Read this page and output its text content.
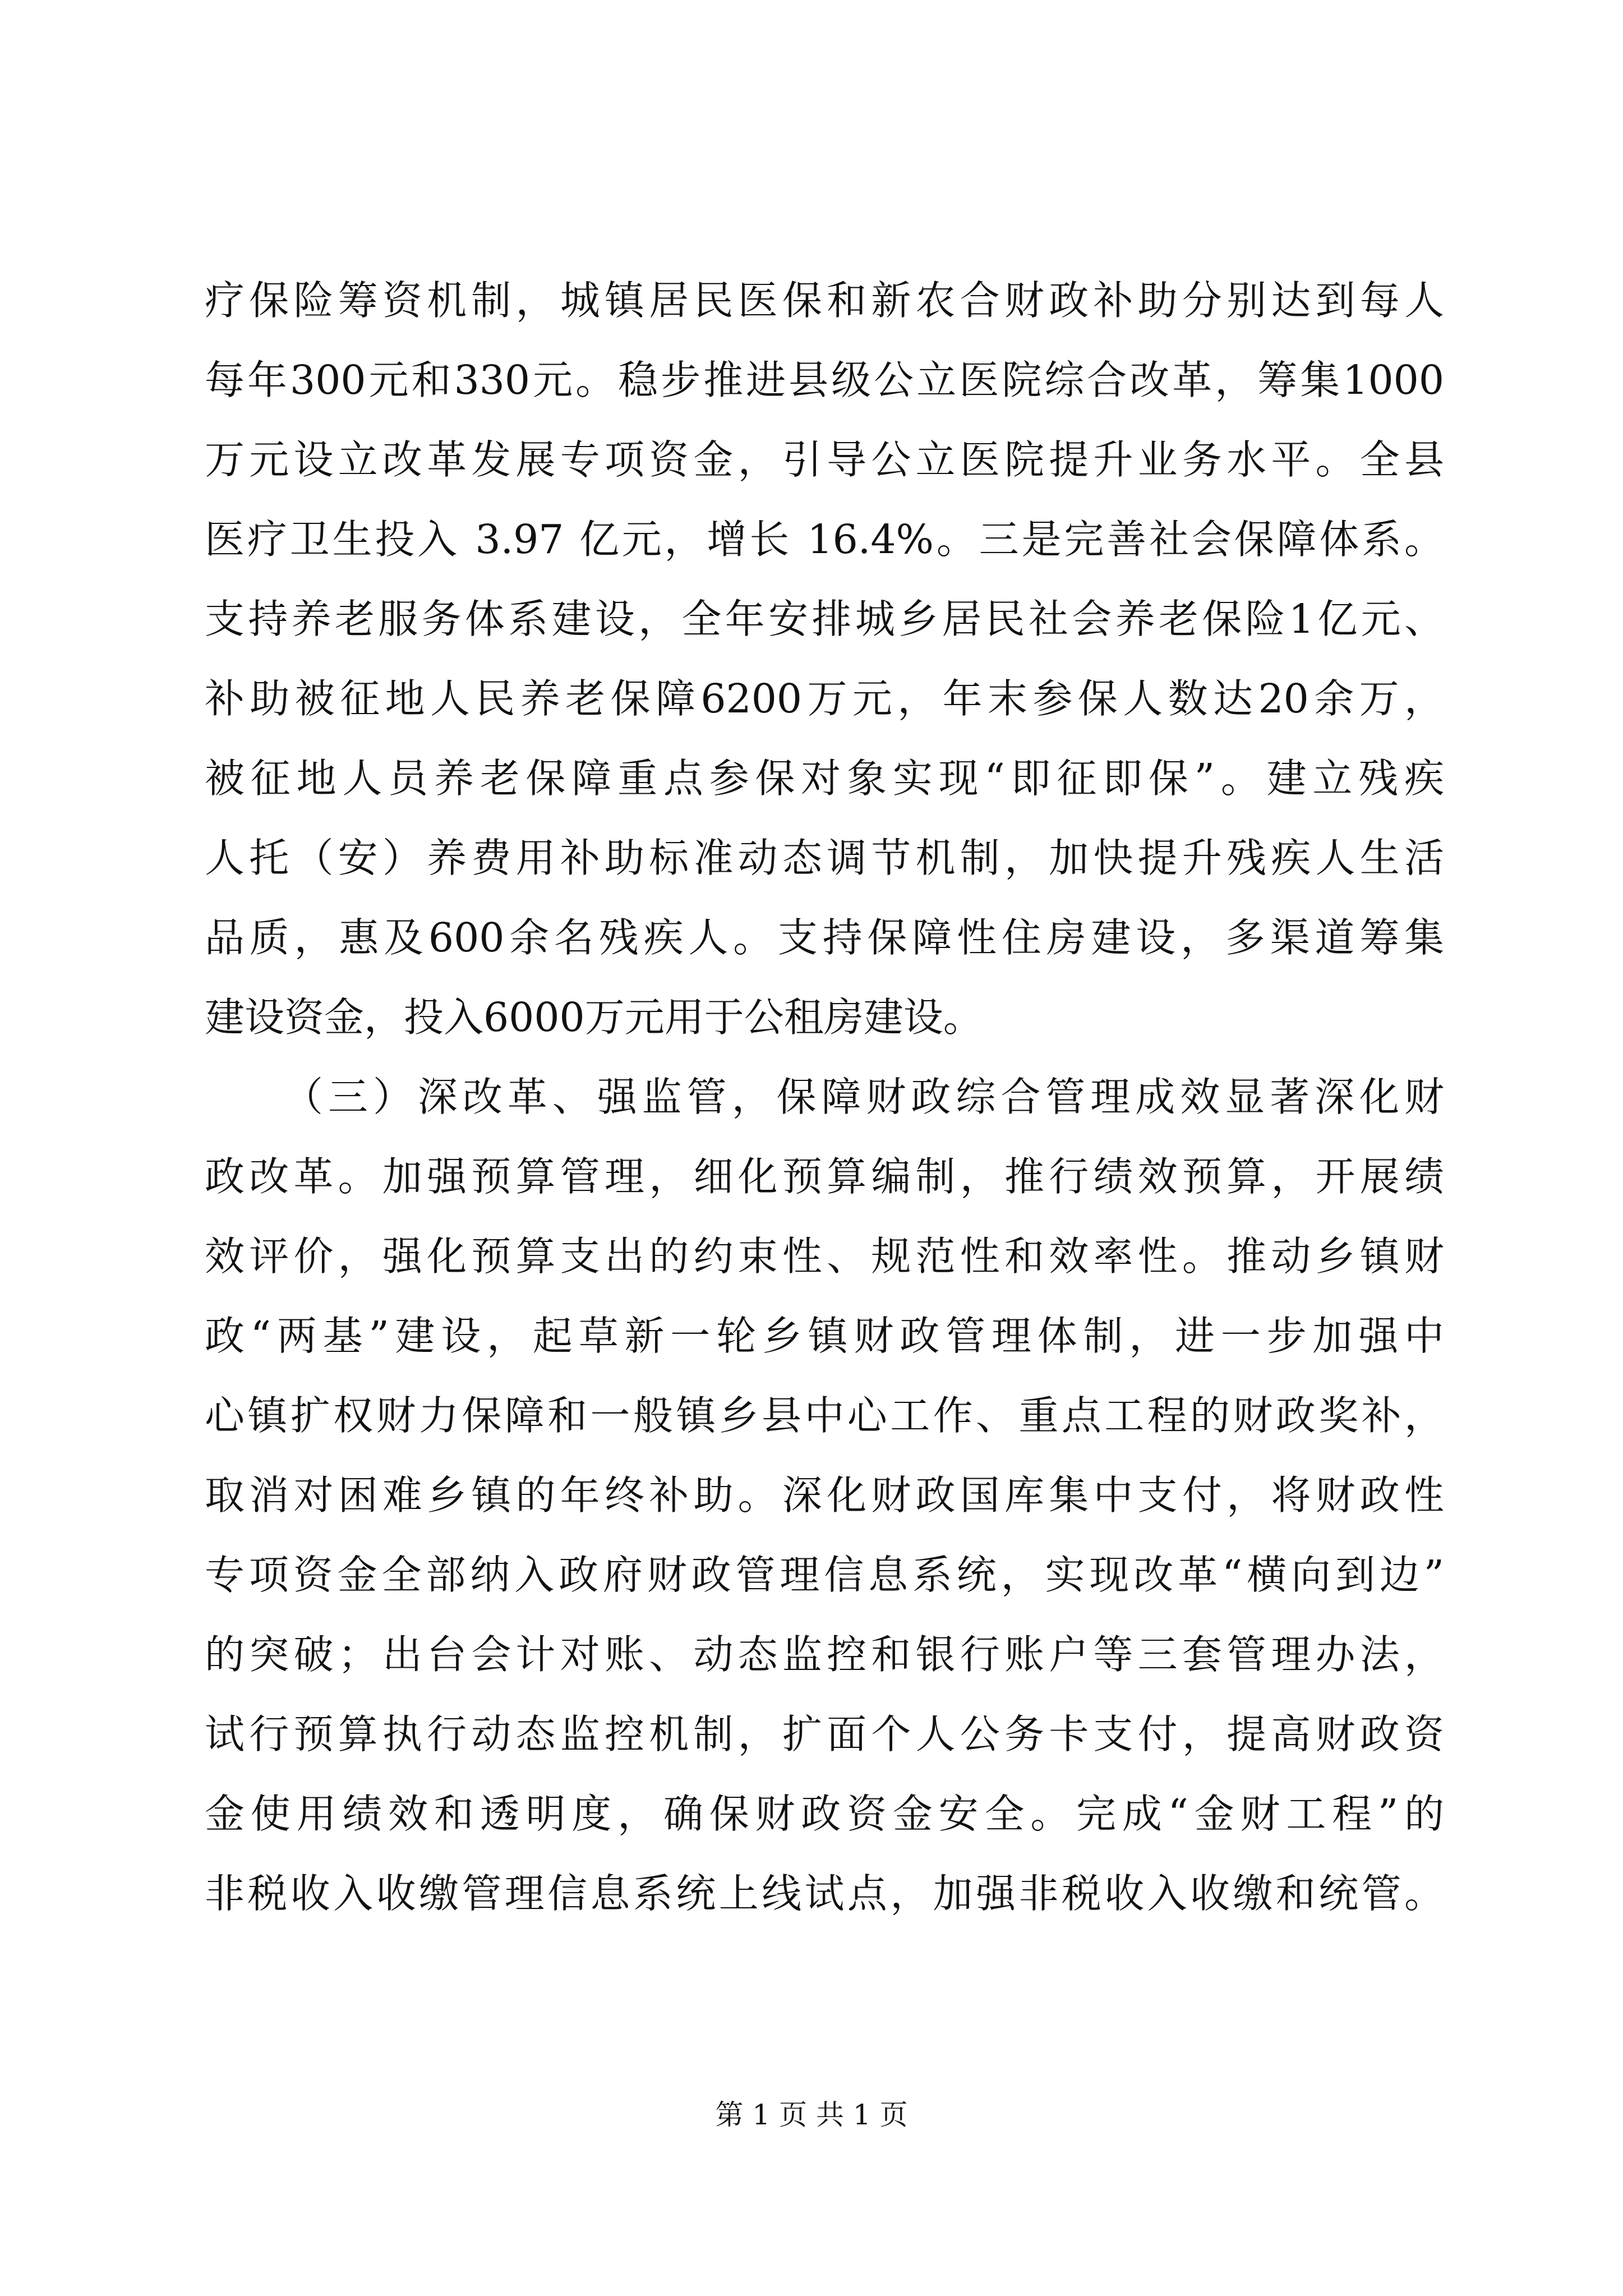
疗保险筹资机制，城镇居民医保和新农合财政补助分别达到每人
每年300元和330元。稳步推进县级公立医院综合改革，筹集1000
万元设立改革发展专项资金，引导公立医院提升业务水平。全县
医疗卫生投入 3.97 亿元，增长 16.4%。三是完善社会保障体系。
支持养老服务体系建设，全年安排城乡居民社会养老保险1亿元、
补助被征地人民养老保障6200万元，年末参保人数达20余万，
被征地人员养老保障重点参保对象实现“即征即保”。建立残疾
人托（安）养费用补助标准动态调节机制，加快提升残疾人生活
品质，惠及600余名残疾人。支持保障性住房建设，多渠道筹集
建设资金，投入6000万元用于公租房建设。
（三）深改革、强监管，保障财政综合管理成效显著深化财
政改革。加强预算管理，细化预算编制，推行绩效预算，开展绩
效评价，强化预算支出的约束性、规范性和效率性。推动乡镇财
政“两基”建设，起草新一轮乡镇财政管理体制，进一步加强中
心镇扩权财力保障和一般镇乡县中心工作、重点工程的财政奖补，
取消对困难乡镇的年终补助。深化财政国库集中支付，将财政性
专项资金全部纳入政府财政管理信息系统，实现改革“横向到边”
的突破；出台会计对账、动态监控和银行账户等三套管理办法，
试行预算执行动态监控机制，扩面个人公务卡支付，提高财政资
金使用绩效和透明度，确保财政资金安全。完成“金财工程”的
非税收入收缴管理信息系统上线试点，加强非税收入收缴和统管。
第 1 页 共 1 页
